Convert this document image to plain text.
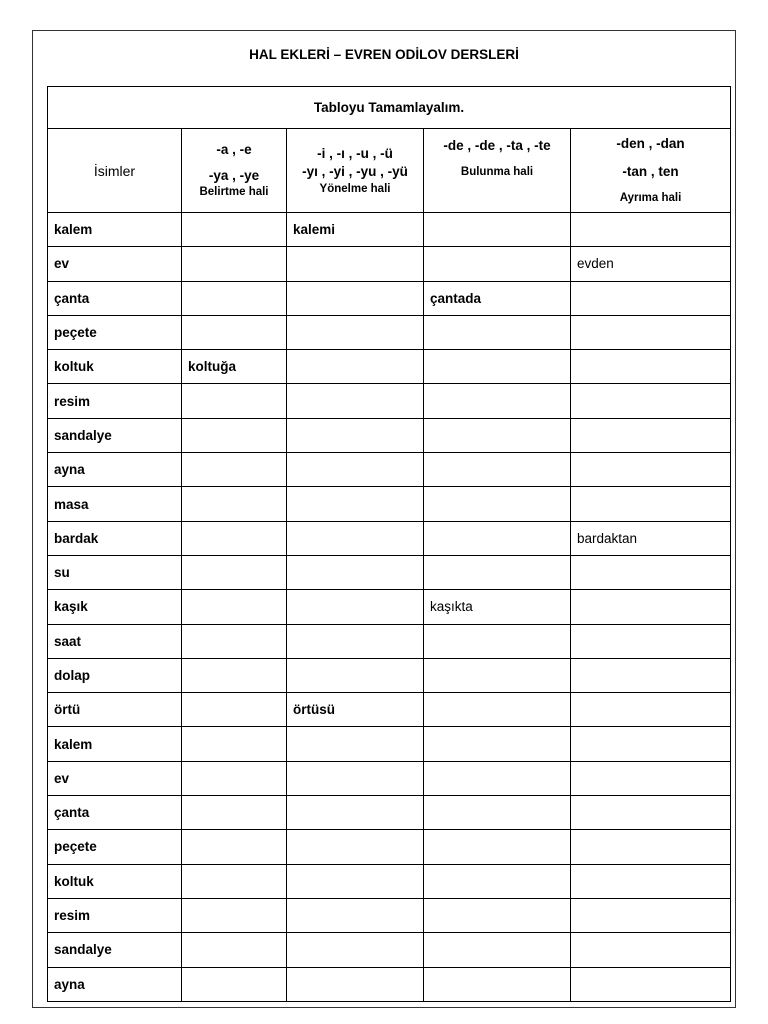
HAL EKLERİ – EVREN ODİLOV DERSLERİ
Tabloyu Tamamlayalım.				
İsimler	-a , -e
-ya , -ye
Belirtme hali	-i , -ı , -u , -ü
-yı , -yi , -yu , -yü
Yönelme hali	-de , -de , -ta , -te
Bulunma hali	-den , -dan
-tan , ten
Ayrıma hali

kalem		kalemi		
ev				evden
çanta			çantada	
peçete				
koltuk	koltuğa			
resim				
sandalye				
ayna				
masa				
bardak				bardaktan
su				
kaşık			kaşıkta	
saat				
dolap				
örtü		örtüsü		
kalem				
ev				
çanta				
peçete				
koltuk				
resim				
sandalye				
ayna				
